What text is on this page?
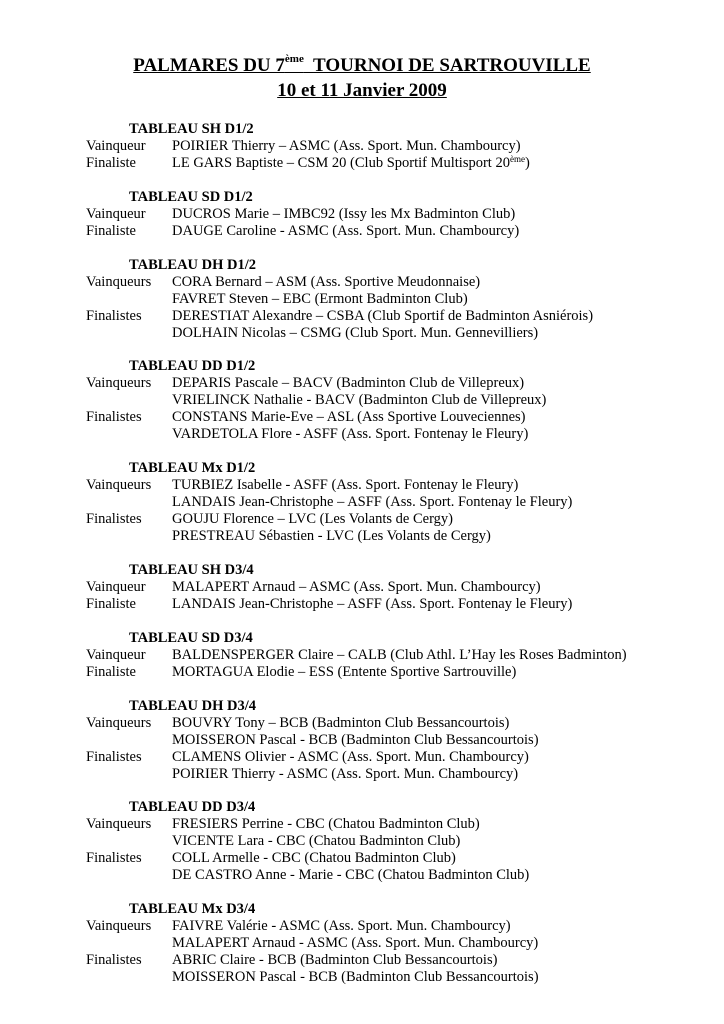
PALMARES DU 7ème TOURNOI DE SARTROUVILLE
10 et 11 Janvier 2009
TABLEAU SH D1/2
Vainqueur	POIRIER Thierry – ASMC (Ass. Sport. Mun. Chambourcy)
Finaliste	LE GARS Baptiste – CSM 20 (Club Sportif Multisport 20ème)
TABLEAU SD D1/2
Vainqueur	DUCROS Marie – IMBC92 (Issy les Mx Badminton Club)
Finaliste	DAUGE Caroline - ASMC (Ass. Sport. Mun. Chambourcy)
TABLEAU DH D1/2
Vainqueurs	CORA Bernard – ASM (Ass. Sportive Meudonnaise)
FAVRET Steven – EBC (Ermont Badminton Club)
Finalistes	DERESTIAT Alexandre – CSBA (Club Sportif de Badminton Asniérois)
DOLHAIN Nicolas – CSMG (Club Sport. Mun. Gennevilliers)
TABLEAU DD D1/2
Vainqueurs	DEPARIS Pascale – BACV (Badminton Club de Villepreux)
VRIELINCK Nathalie - BACV (Badminton Club de Villepreux)
Finalistes	CONSTANS Marie-Eve – ASL (Ass Sportive Louveciennes)
VARDETOLA Flore - ASFF (Ass. Sport. Fontenay le Fleury)
TABLEAU Mx D1/2
Vainqueurs	TURBIEZ Isabelle - ASFF (Ass. Sport. Fontenay le Fleury)
LANDAIS Jean-Christophe – ASFF (Ass. Sport. Fontenay le Fleury)
Finalistes	GOUJU Florence – LVC (Les Volants de Cergy)
PRESTREAU Sébastien - LVC (Les Volants de Cergy)
TABLEAU SH D3/4
Vainqueur	MALAPERT Arnaud – ASMC (Ass. Sport. Mun. Chambourcy)
Finaliste	LANDAIS Jean-Christophe – ASFF (Ass. Sport. Fontenay le Fleury)
TABLEAU SD D3/4
Vainqueur	BALDENSPERGER Claire – CALB (Club Athl. L’Hay les Roses Badminton)
Finaliste	MORTAGUA Elodie – ESS (Entente Sportive Sartrouville)
TABLEAU DH D3/4
Vainqueurs	BOUVRY Tony – BCB (Badminton Club Bessancourtois)
MOISSERON Pascal - BCB (Badminton Club Bessancourtois)
Finalistes	CLAMENS Olivier - ASMC (Ass. Sport. Mun. Chambourcy)
POIRIER Thierry - ASMC (Ass. Sport. Mun. Chambourcy)
TABLEAU DD D3/4
Vainqueurs	FRESIERS Perrine - CBC (Chatou Badminton Club)
VICENTE Lara - CBC (Chatou Badminton Club)
Finalistes	COLL Armelle - CBC (Chatou Badminton Club)
DE CASTRO Anne - Marie - CBC (Chatou Badminton Club)
TABLEAU Mx D3/4
Vainqueurs	FAIVRE Valérie - ASMC (Ass. Sport. Mun. Chambourcy)
MALAPERT Arnaud - ASMC (Ass. Sport. Mun. Chambourcy)
Finalistes	ABRIC Claire - BCB (Badminton Club Bessancourtois)
MOISSERON Pascal - BCB (Badminton Club Bessancourtois)
